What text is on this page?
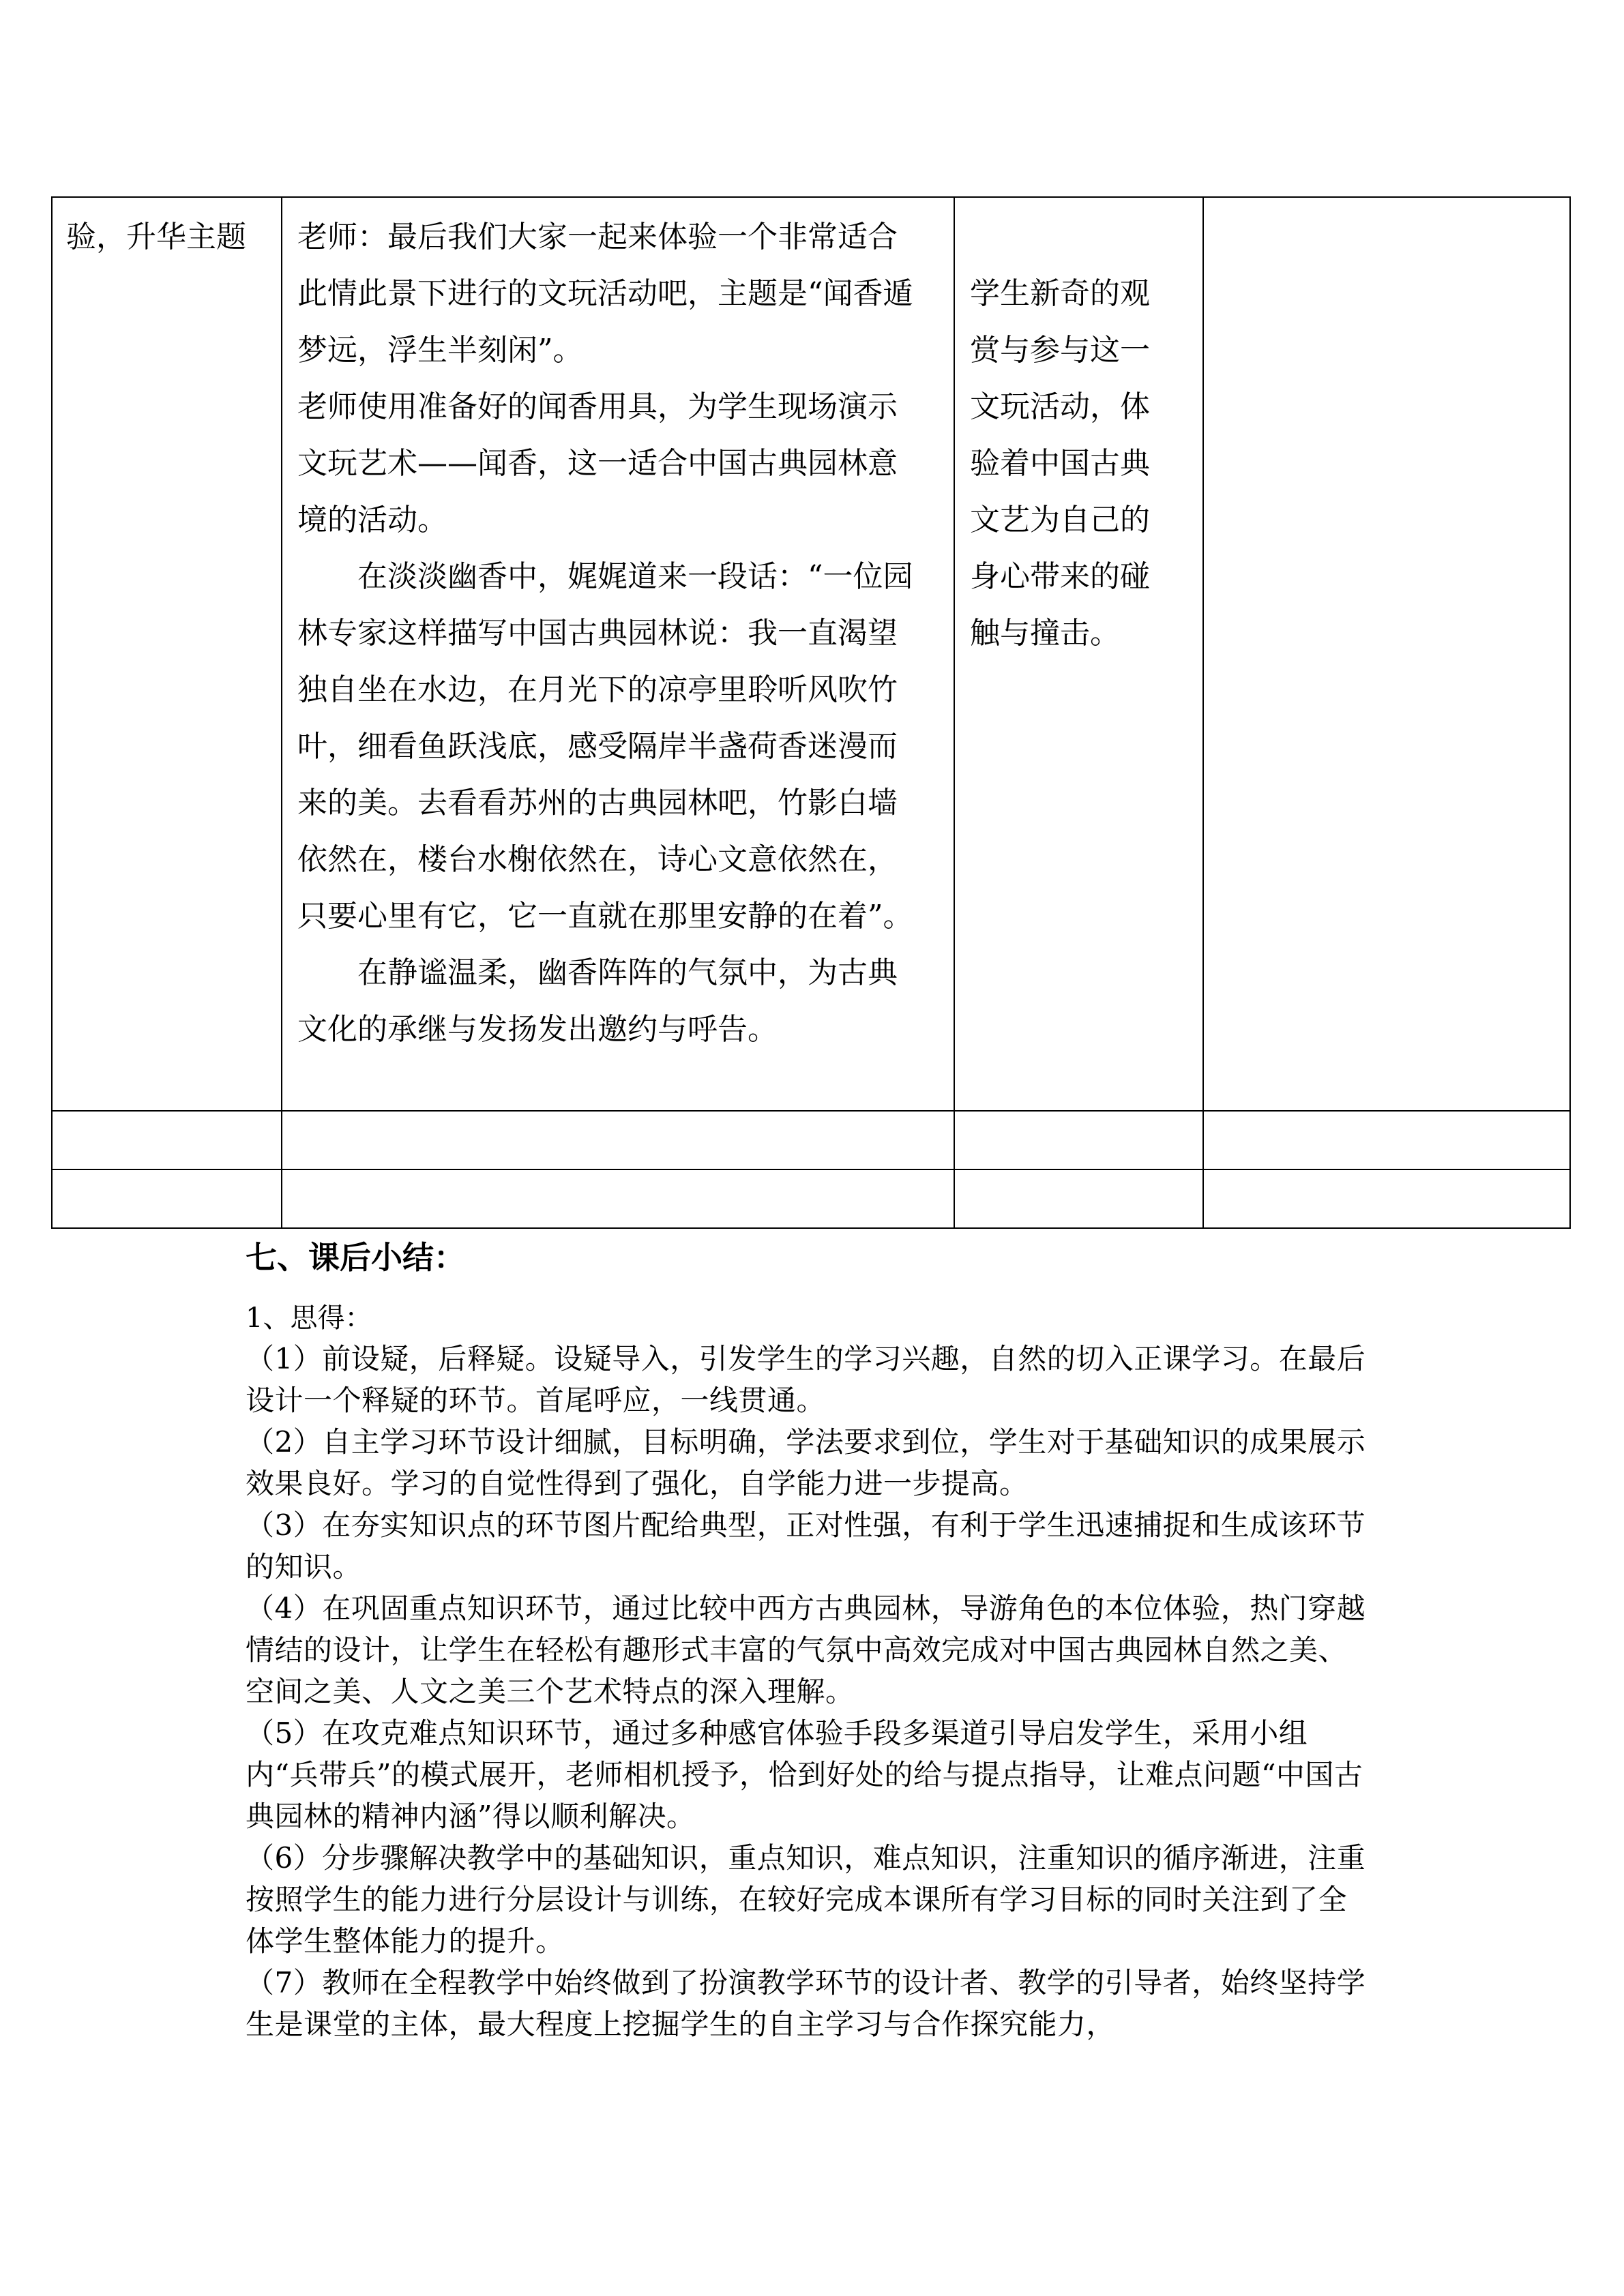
验，升华主题	老师：最后我们大家一起来体验一个非常适合此情此景下进行的文玩活动吧，主题是“闻香遁梦远，浮生半刻闲”。

老师使用准备好的闻香用具，为学生现场演示文玩艺术——闻香，这一适合中国古典园林意境的活动。

在淡淡幽香中，娓娓道来一段话：“一位园林专家这样描写中国古典园林说：我一直渴望独自坐在水边，在月光下的凉亭里聆听风吹竹叶，细看鱼跃浅底，感受隔岸半盏荷香迷漫而来的美。去看看苏州的古典园林吧，竹影白墙依然在，楼台水榭依然在，诗心文意依然在，只要心里有它，它一直就在那里安静的在着”。

在静谧温柔，幽香阵阵的气氛中，为古典文化的承继与发扬发出邀约与呼告。	学生新奇的观赏与参与这一文玩活动，体验着中国古典文艺为自己的身心带来的碰触与撞击。	

七、课后小结：

1、思得：

（1）前设疑，后释疑。设疑导入，引发学生的学习兴趣，自然的切入正课学习。在最后设计一个释疑的环节。首尾呼应，一线贯通。

（2）自主学习环节设计细腻，目标明确，学法要求到位，学生对于基础知识的成果展示效果良好。学习的自觉性得到了强化，自学能力进一步提高。

（3）在夯实知识点的环节图片配给典型，正对性强，有利于学生迅速捕捉和生成该环节的知识。

（4）在巩固重点知识环节，通过比较中西方古典园林，导游角色的本位体验，热门穿越情结的设计，让学生在轻松有趣形式丰富的气氛中高效完成对中国古典园林自然之美、空间之美、人文之美三个艺术特点的深入理解。

（5）在攻克难点知识环节，通过多种感官体验手段多渠道引导启发学生，采用小组内“兵带兵”的模式展开，老师相机授予，恰到好处的给与提点指导，让难点问题“中国古典园林的精神内涵”得以顺利解决。

（6）分步骤解决教学中的基础知识，重点知识，难点知识，注重知识的循序渐进，注重按照学生的能力进行分层设计与训练，在较好完成本课所有学习目标的同时关注到了全体学生整体能力的提升。

（7）教师在全程教学中始终做到了扮演教学环节的设计者、教学的引导者，始终坚持学生是课堂的主体，最大程度上挖掘学生的自主学习与合作探究能力，
